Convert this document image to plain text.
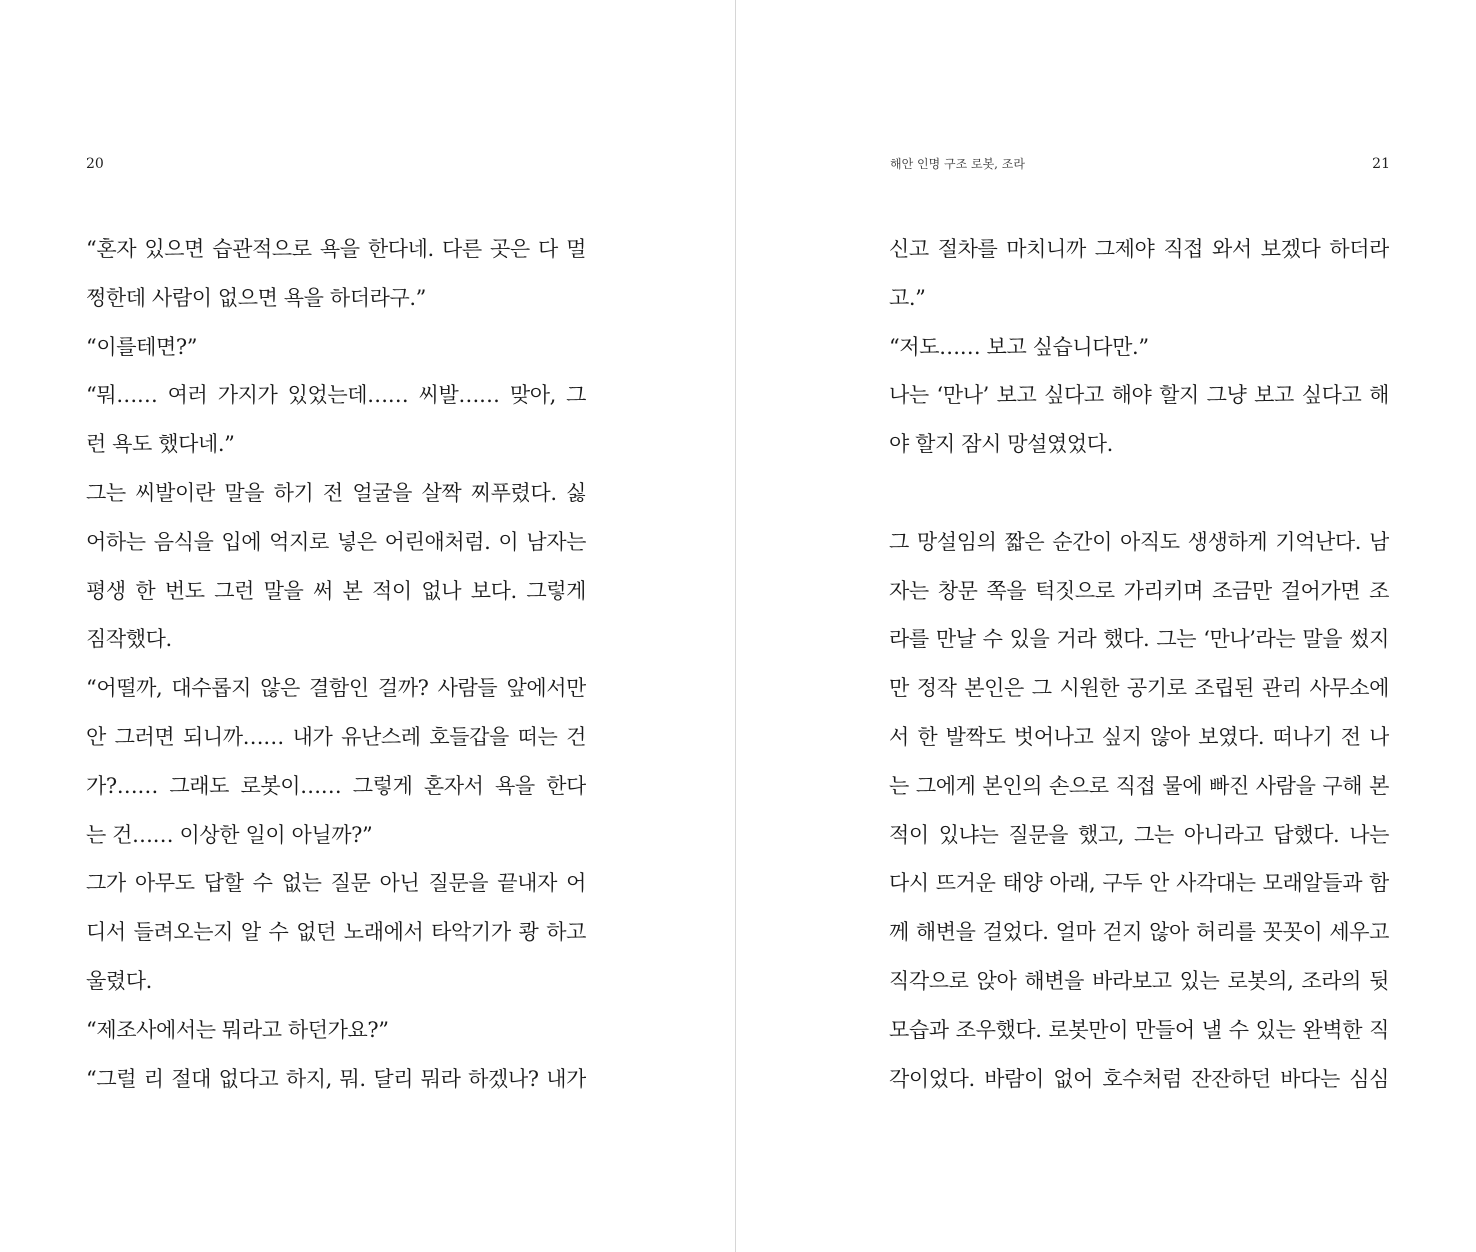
20
“혼자 있으면 습관적으로 욕을 한다네. 다른 곳은 다 멀
쩡한데 사람이 없으면 욕을 하더라구.”
“이를테면?”
“뭐…… 여러 가지가 있었는데…… 씨발…… 맞아, 그
런 욕도 했다네.”
그는 씨발이란 말을 하기 전 얼굴을 살짝 찌푸렸다. 싫
어하는 음식을 입에 억지로 넣은 어린애처럼. 이 남자는
평생 한 번도 그런 말을 써 본 적이 없나 보다. 그렇게
짐작했다.
“어떨까, 대수롭지 않은 결함인 걸까? 사람들 앞에서만
안 그러면 되니까…… 내가 유난스레 호들갑을 떠는 건
가?…… 그래도 로봇이…… 그렇게 혼자서 욕을 한다
는 건…… 이상한 일이 아닐까?”
그가 아무도 답할 수 없는 질문 아닌 질문을 끝내자 어
디서 들려오는지 알 수 없던 노래에서 타악기가 쾅 하고
울렸다.
“제조사에서는 뭐라고 하던가요?”
“그럴 리 절대 없다고 하지, 뭐. 달리 뭐라 하겠나? 내가
해안 인명 구조 로봇, 조라	21
신고 절차를 마치니까 그제야 직접 와서 보겠다 하더라
고.”
“저도…… 보고 싶습니다만.”
나는 ‘만나’ 보고 싶다고 해야 할지 그냥 보고 싶다고 해
야 할지 잠시 망설였었다.
그 망설임의 짧은 순간이 아직도 생생하게 기억난다. 남
자는 창문 쪽을 턱짓으로 가리키며 조금만 걸어가면 조
라를 만날 수 있을 거라 했다. 그는 ‘만나’라는 말을 썼지
만 정작 본인은 그 시원한 공기로 조립된 관리 사무소에
서 한 발짝도 벗어나고 싶지 않아 보였다. 떠나기 전 나
는 그에게 본인의 손으로 직접 물에 빠진 사람을 구해 본
적이 있냐는 질문을 했고, 그는 아니라고 답했다. 나는
다시 뜨거운 태양 아래, 구두 안 사각대는 모래알들과 함
께 해변을 걸었다. 얼마 걷지 않아 허리를 꼿꼿이 세우고
직각으로 앉아 해변을 바라보고 있는 로봇의, 조라의 뒷
모습과 조우했다. 로봇만이 만들어 낼 수 있는 완벽한 직
각이었다. 바람이 없어 호수처럼 잔잔하던 바다는 심심
